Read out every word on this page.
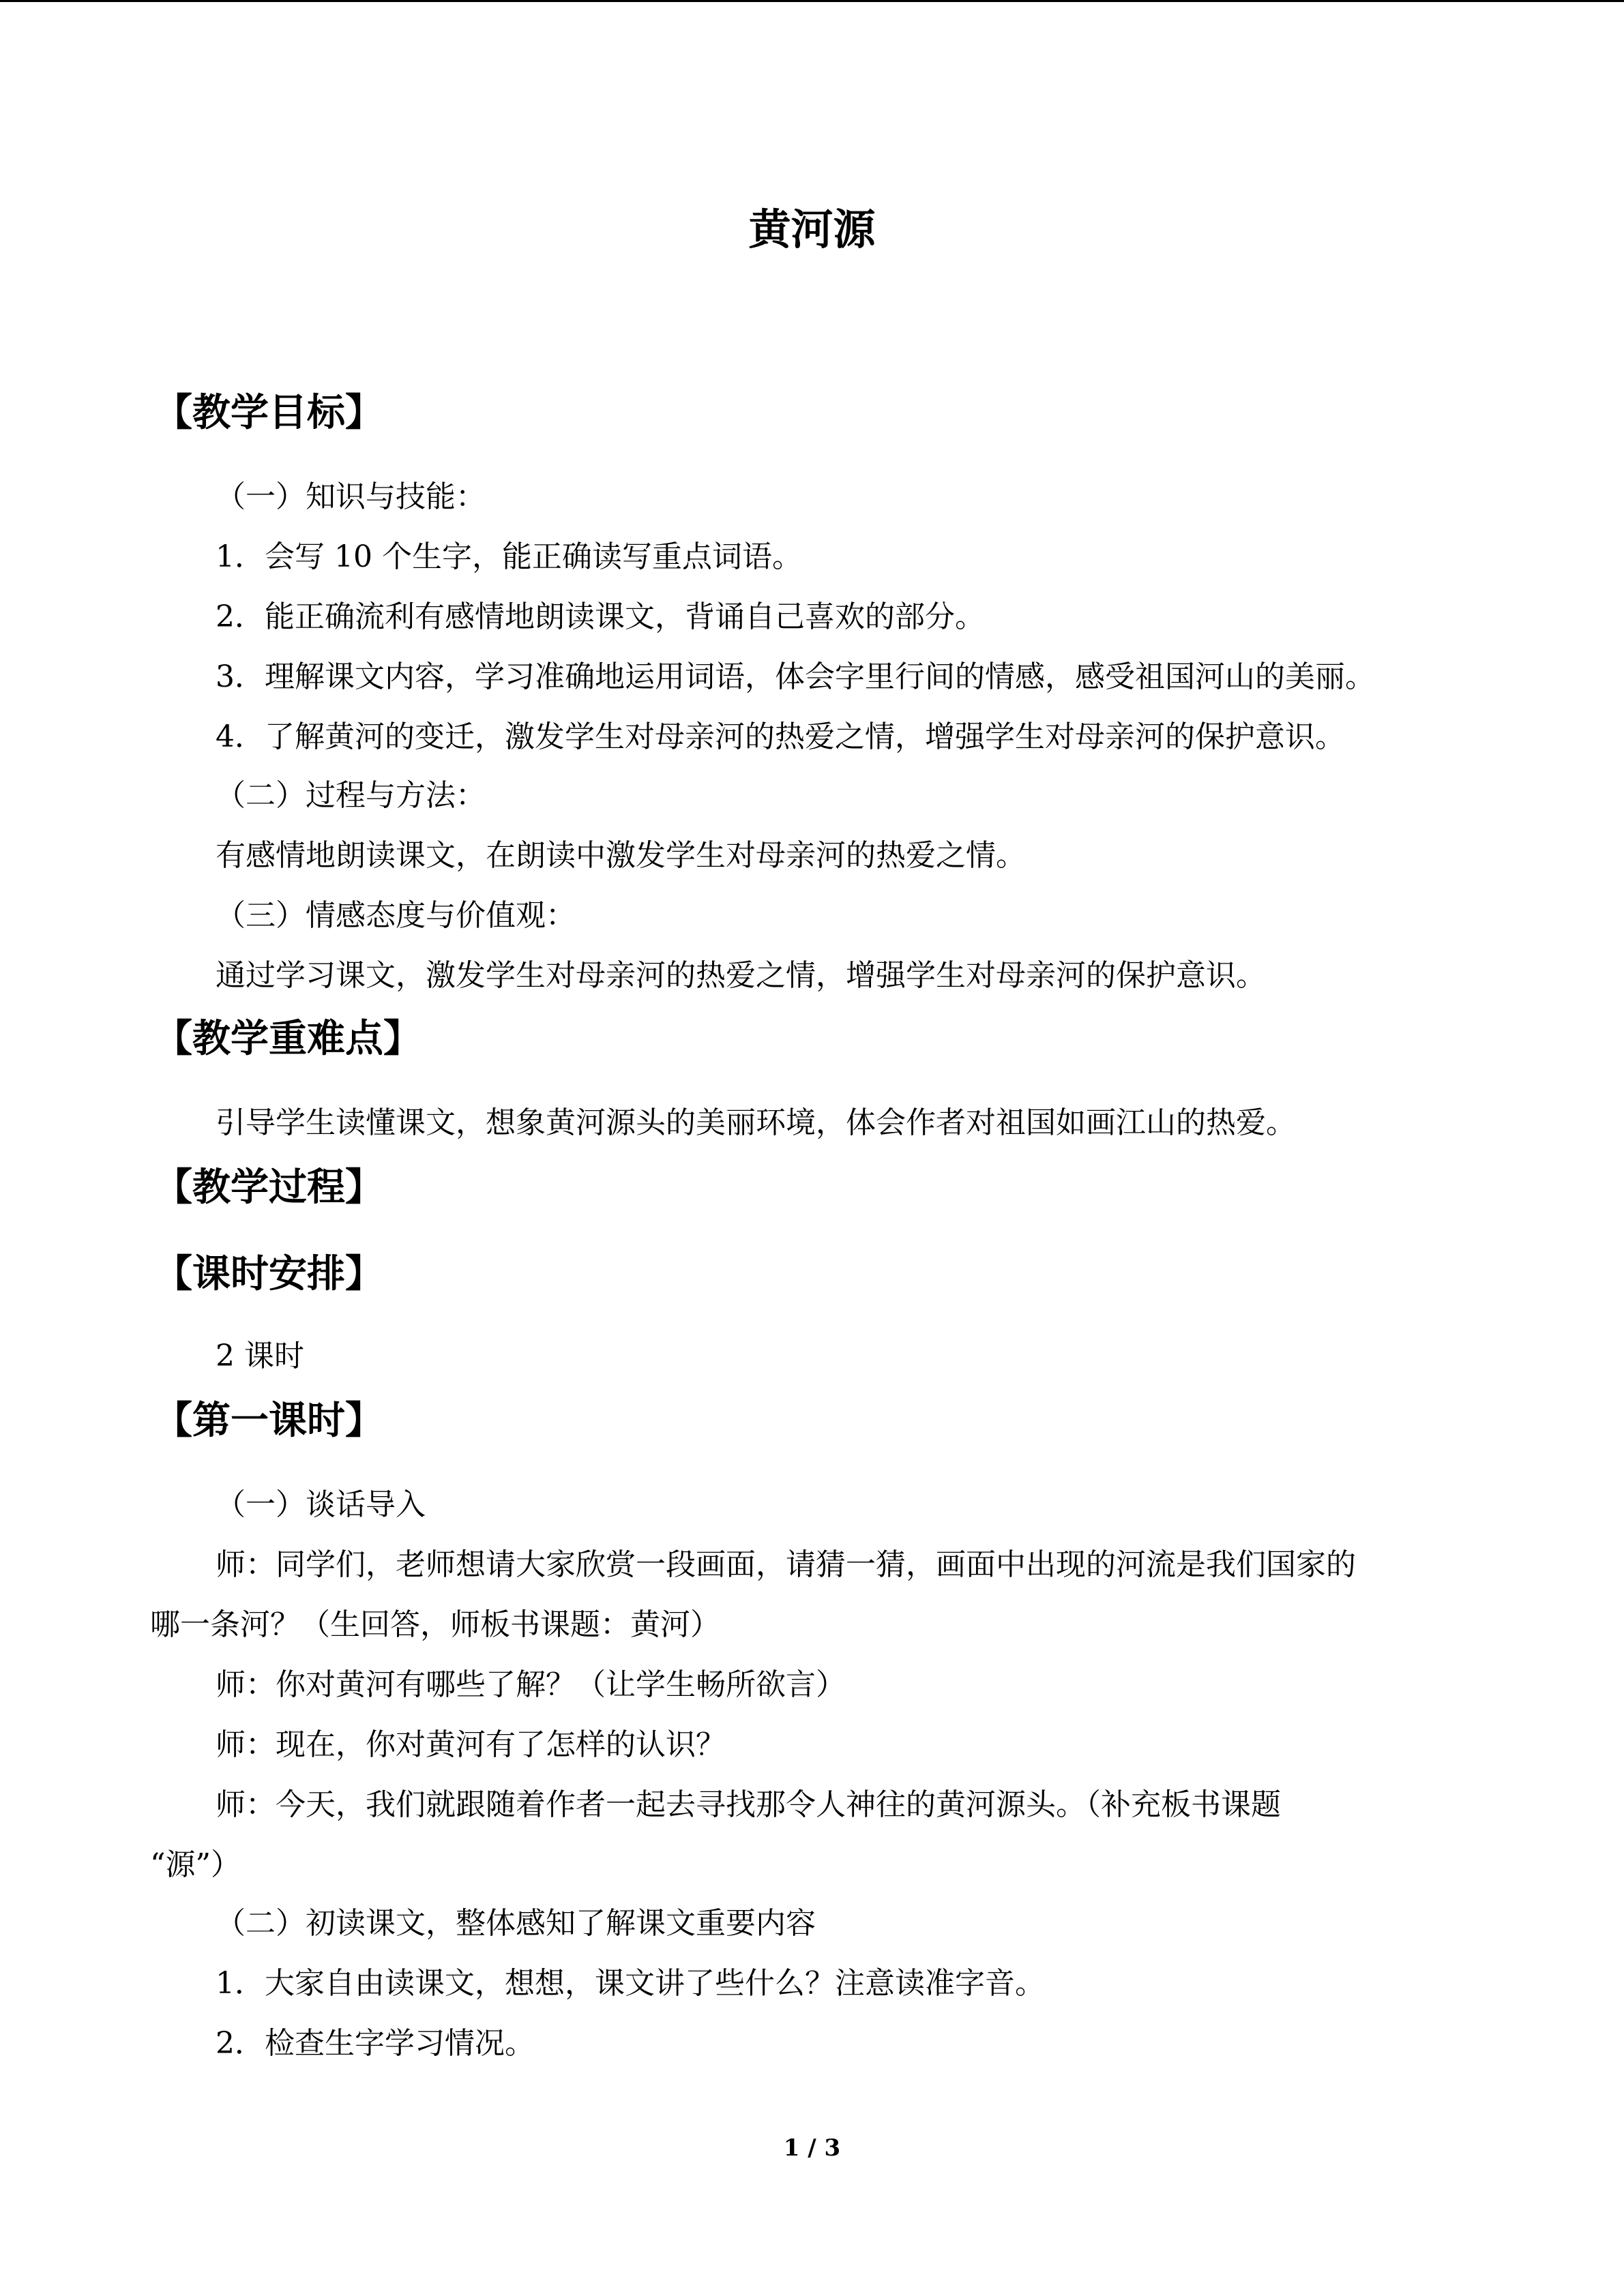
黄河源
【教学目标】
（一）知识与技能：
1．会写 10 个生字，能正确读写重点词语。
2．能正确流利有感情地朗读课文，背诵自己喜欢的部分。
3．理解课文内容，学习准确地运用词语，体会字里行间的情感，感受祖国河山的美丽。
4．了解黄河的变迁，激发学生对母亲河的热爱之情，增强学生对母亲河的保护意识。
（二）过程与方法：
有感情地朗读课文，在朗读中激发学生对母亲河的热爱之情。
（三）情感态度与价值观：
通过学习课文，激发学生对母亲河的热爱之情，增强学生对母亲河的保护意识。
【教学重难点】
引导学生读懂课文，想象黄河源头的美丽环境，体会作者对祖国如画江山的热爱。
【教学过程】
【课时安排】
2 课时
【第一课时】
（一）谈话导入
师：同学们，老师想请大家欣赏一段画面，请猜一猜，画面中出现的河流是我们国家的
哪一条河？（生回答，师板书课题：黄河）
师：你对黄河有哪些了解？（让学生畅所欲言）
师：现在，你对黄河有了怎样的认识？
师：今天，我们就跟随着作者一起去寻找那令人神往的黄河源头。（补充板书课题
“源”）
（二）初读课文，整体感知了解课文重要内容
1．大家自由读课文，想想，课文讲了些什么？注意读准字音。
2．检查生字学习情况。
1 / 3
